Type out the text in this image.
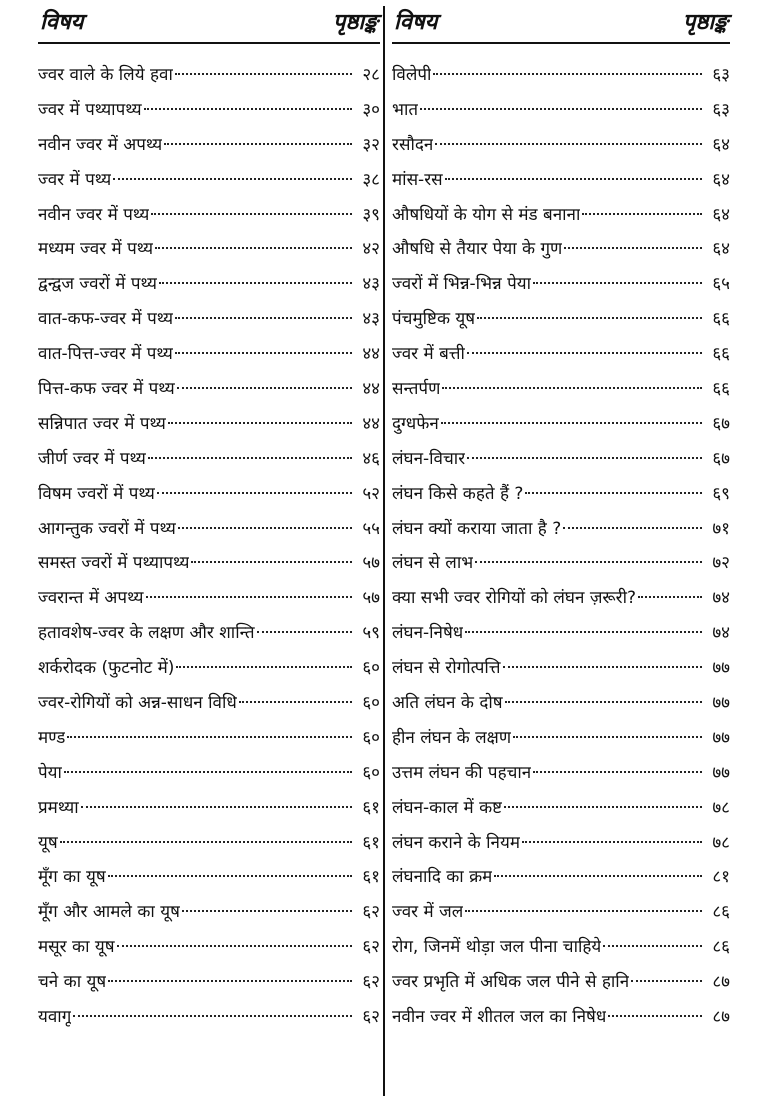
विषय	पृष्ठाङ्क
ज्वर वाले के लिये हवा	२८
ज्वर में पथ्यापथ्य	३०
नवीन ज्वर में अपथ्य	३२
ज्वर में पथ्य	३८
नवीन ज्वर में पथ्य	३९
मध्यम ज्वर में पथ्य	४२
द्वन्द्वज ज्वरों में पथ्य	४३
वात-कफ-ज्वर में पथ्य	४३
वात-पित्त-ज्वर में पथ्य	४४
पित्त-कफ ज्वर में पथ्य	४४
सन्निपात ज्वर में पथ्य	४४
जीर्ण ज्वर में पथ्य	४६
विषम ज्वरों में पथ्य	५२
आगन्तुक ज्वरों में पथ्य	५५
समस्त ज्वरों में पथ्यापथ्य	५७
ज्वरान्त में अपथ्य	५७
हतावशेष-ज्वर के लक्षण और शान्ति	५९
शर्करोदक (फुटनोट में)	६०
ज्वर-रोगियों को अन्न-साधन विधि	६०
मण्ड	६०
पेया	६०
प्रमथ्या	६१
यूष	६१
मूँग का यूष	६१
मूँग और आमले का यूष	६२
मसूर का यूष	६२
चने का यूष	६२
यवागू	६२
विषय	पृष्ठाङ्क
विलेपी	६३
भात	६३
रसौदन	६४
मांस-रस	६४
औषधियों के योग से मंड बनाना	६४
औषधि से तैयार पेया के गुण	६४
ज्वरों में भिन्न-भिन्न पेया	६५
पंचमुष्टिक यूष	६६
ज्वर में बत्ती	६६
सन्तर्पण	६६
दुग्धफेन	६७
लंघन-विचार	६७
लंघन किसे कहते हैं ?	६९
लंघन क्यों कराया जाता है ?	७१
लंघन से लाभ	७२
क्या सभी ज्वर रोगियों को लंघन ज़रूरी?	७४
लंघन-निषेध	७४
लंघन से रोगोत्पत्ति	७७
अति लंघन के दोष	७७
हीन लंघन के लक्षण	७७
उत्तम लंघन की पहचान	७७
लंघन-काल में कष्ट	७८
लंघन कराने के नियम	७८
लंघनादि का क्रम	८१
ज्वर में जल	८६
रोग, जिनमें थोड़ा जल पीना चाहिये	८६
ज्वर प्रभृति में अधिक जल पीने से हानि	८७
नवीन ज्वर में शीतल जल का निषेध	८७
